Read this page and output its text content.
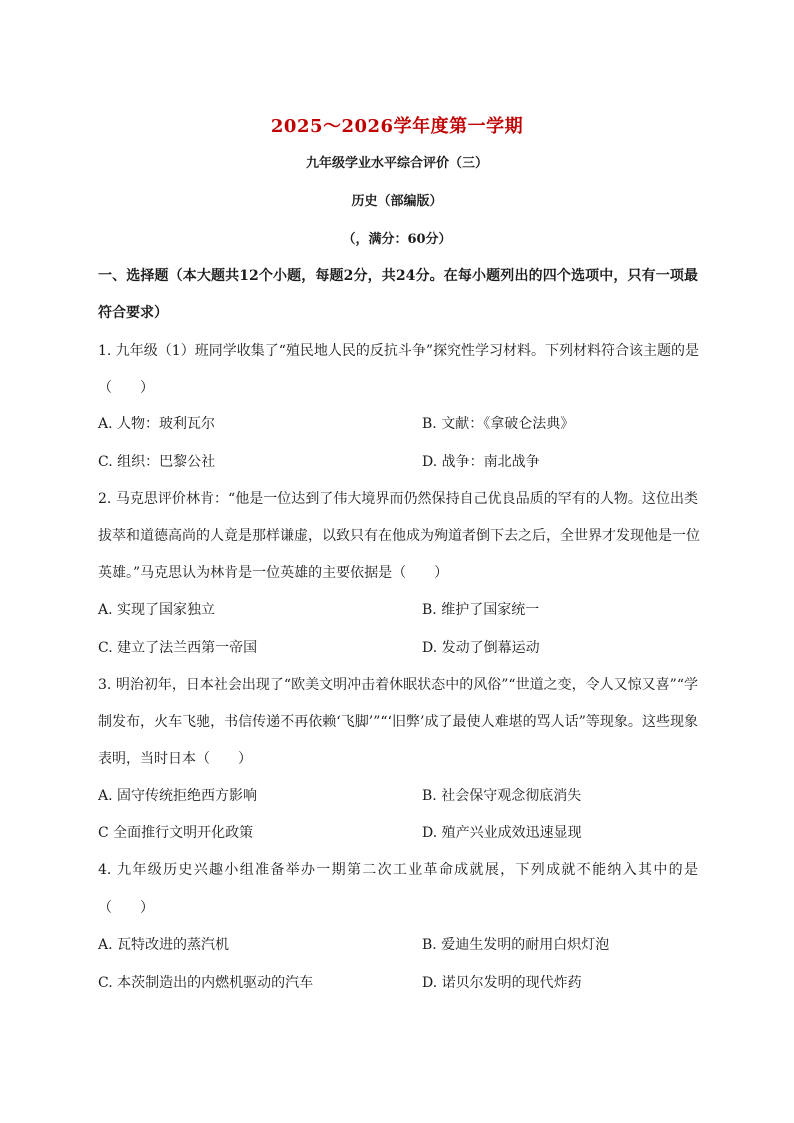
2025～2026学年度第一学期
九年级学业水平综合评价（三）
历史（部编版）
（，满分：60分）
一、选择题（本大题共12个小题，每题2分，共24分。在每小题列出的四个选项中，只有一项最
符合要求）
1. 九年级（1）班同学收集了“殖民地人民的反抗斗争”探究性学习材料。下列材料符合该主题的是
（　　）
A. 人物：玻利瓦尔	B. 文献：《拿破仑法典》
C. 组织：巴黎公社	D. 战争：南北战争
2. 马克思评价林肯：“他是一位达到了伟大境界而仍然保持自己优良品质的罕有的人物。这位出类
拔萃和道德高尚的人竟是那样谦虚，以致只有在他成为殉道者倒下去之后，全世界才发现他是一位
英雄。”马克思认为林肯是一位英雄的主要依据是（　　）
A. 实现了国家独立	B. 维护了国家统一
C. 建立了法兰西第一帝国	D. 发动了倒幕运动
3. 明治初年，日本社会出现了“欧美文明冲击着休眠状态中的风俗”“世道之变，令人又惊又喜”“学
制发布，火车飞驰，书信传递不再依赖‘飞脚’”“‘旧弊’成了最使人难堪的骂人话”等现象。这些现象
表明，当时日本（　　）
A. 固守传统拒绝西方影响	B. 社会保守观念彻底消失
C 全面推行文明开化政策	D. 殖产兴业成效迅速显现
4. 九年级历史兴趣小组准备举办一期第二次工业革命成就展，下列成就不能纳入其中的是
（　　）
A. 瓦特改进的蒸汽机	B. 爱迪生发明的耐用白炽灯泡
C. 本茨制造出的内燃机驱动的汽车	D. 诺贝尔发明的现代炸药
